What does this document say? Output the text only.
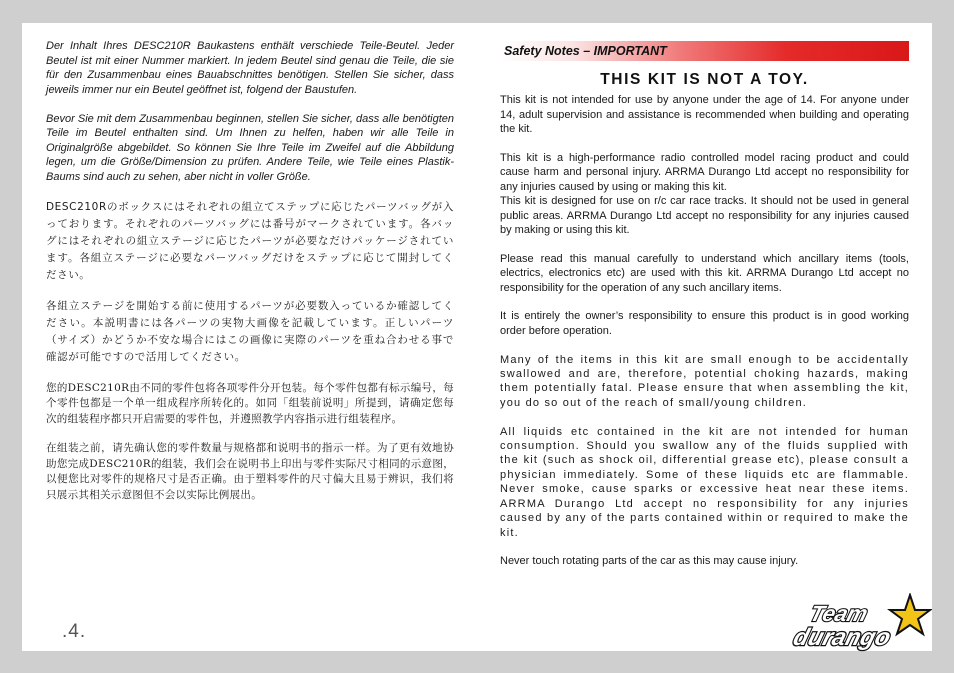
Der Inhalt Ihres DESC210R Baukastens enthält verschiede Teile-Beutel. Jeder Beutel ist mit einer Nummer markiert. In jedem Beutel sind genau die Teile, die sie für den Zusammenbau eines Bauabschnittes benötigen. Stellen Sie sicher, dass jeweils immer nur ein Beutel geöffnet ist, folgend der Baustufen.

Bevor Sie mit dem Zusammenbau beginnen, stellen Sie sicher, dass alle benötigten Teile im Beutel enthalten sind. Um Ihnen zu helfen, haben wir alle Teile in Originalgröße abgebildet. So können Sie Ihre Teile im Zweifel auf die Abbildung legen, um die Größe/Dimension zu prüfen. Andere Teile, wie Teile eines Plastik-Baums sind auch zu sehen, aber nicht in voller Größe.

DESC210Rのボックスにはそれぞれの組立てステップに応じたパーツバッグが入っております。それぞれのパーツバッグには番号がマークされています。各バッグにはそれぞれの組立ステージに応じたパーツが必要なだけパッケージされています。各組立ステージに必要なパーツバッグだけをステップに応じて開封してください。

各組立ステージを開始する前に使用するパーツが必要数入っているか確認してください。本説明書には各パーツの実物大画像を記載しています。正しいパーツ（サイズ）かどうか不安な場合にはこの画像に実際のパーツを重ね合わせる事で確認が可能ですので活用してください。

您的DESC210R由不同的零件包将各项零件分开包装。每个零件包都有标示编号，每个零件包都是一个单一组成程序所转化的。如同「组装前说明」所提到，请确定您每次的组装程序都只开启需要的零件包，并遵照教学内容指示进行组装程序。

在组装之前，请先确认您的零件数量与规格都和说明书的指示一样。为了更有效地协助您完成DESC210R的组装，我们会在说明书上印出与零件实际尺寸相同的示意图，以便您比对零件的规格尺寸是否正确。由于塑料零件的尺寸偏大且易于辨识，我们将只展示其相关示意图但不会以实际比例展出。

Safety Notes – IMPORTANT
THIS KIT IS NOT A TOY.

This kit is not intended for use by anyone under the age of 14. For anyone under 14, adult supervision and assistance is recommended when building and operating the kit.

This kit is a high-performance radio controlled model racing product and could cause harm and personal injury. ARRMA Durango Ltd accept no responsibility for any injuries caused by using or making this kit.

This kit is designed for use on r/c car race tracks. It should not be used in general public areas. ARRMA Durango Ltd accept no responsibility for any injuries caused by making or using this kit.

Please read this manual carefully to understand which ancillary items (tools, electrics, electronics etc) are used with this kit. ARRMA Durango Ltd accept no responsibility for the operation of any such ancillary items.

It is entirely the owner’s responsibility to ensure this product is in good working order before operation.

Many of the items in this kit are small enough to be accidentally swallowed and are, therefore, potential choking hazards, making them potentially fatal. Please ensure that when assembling the kit, you do so out of the reach of small/young children.

All liquids etc contained in the kit are not intended for human consumption. Should you swallow any of the fluids supplied with the kit (such as shock oil, differential grease etc), please consult a physician immediately. Some of these liquids etc are flammable. Never smoke, cause sparks or excessive heat near these items. ARRMA Durango Ltd accept no responsibility for any injuries caused by any of the parts contained within or required to make the kit.

Never touch rotating parts of the car as this may cause injury.

.4.
Team
durango
